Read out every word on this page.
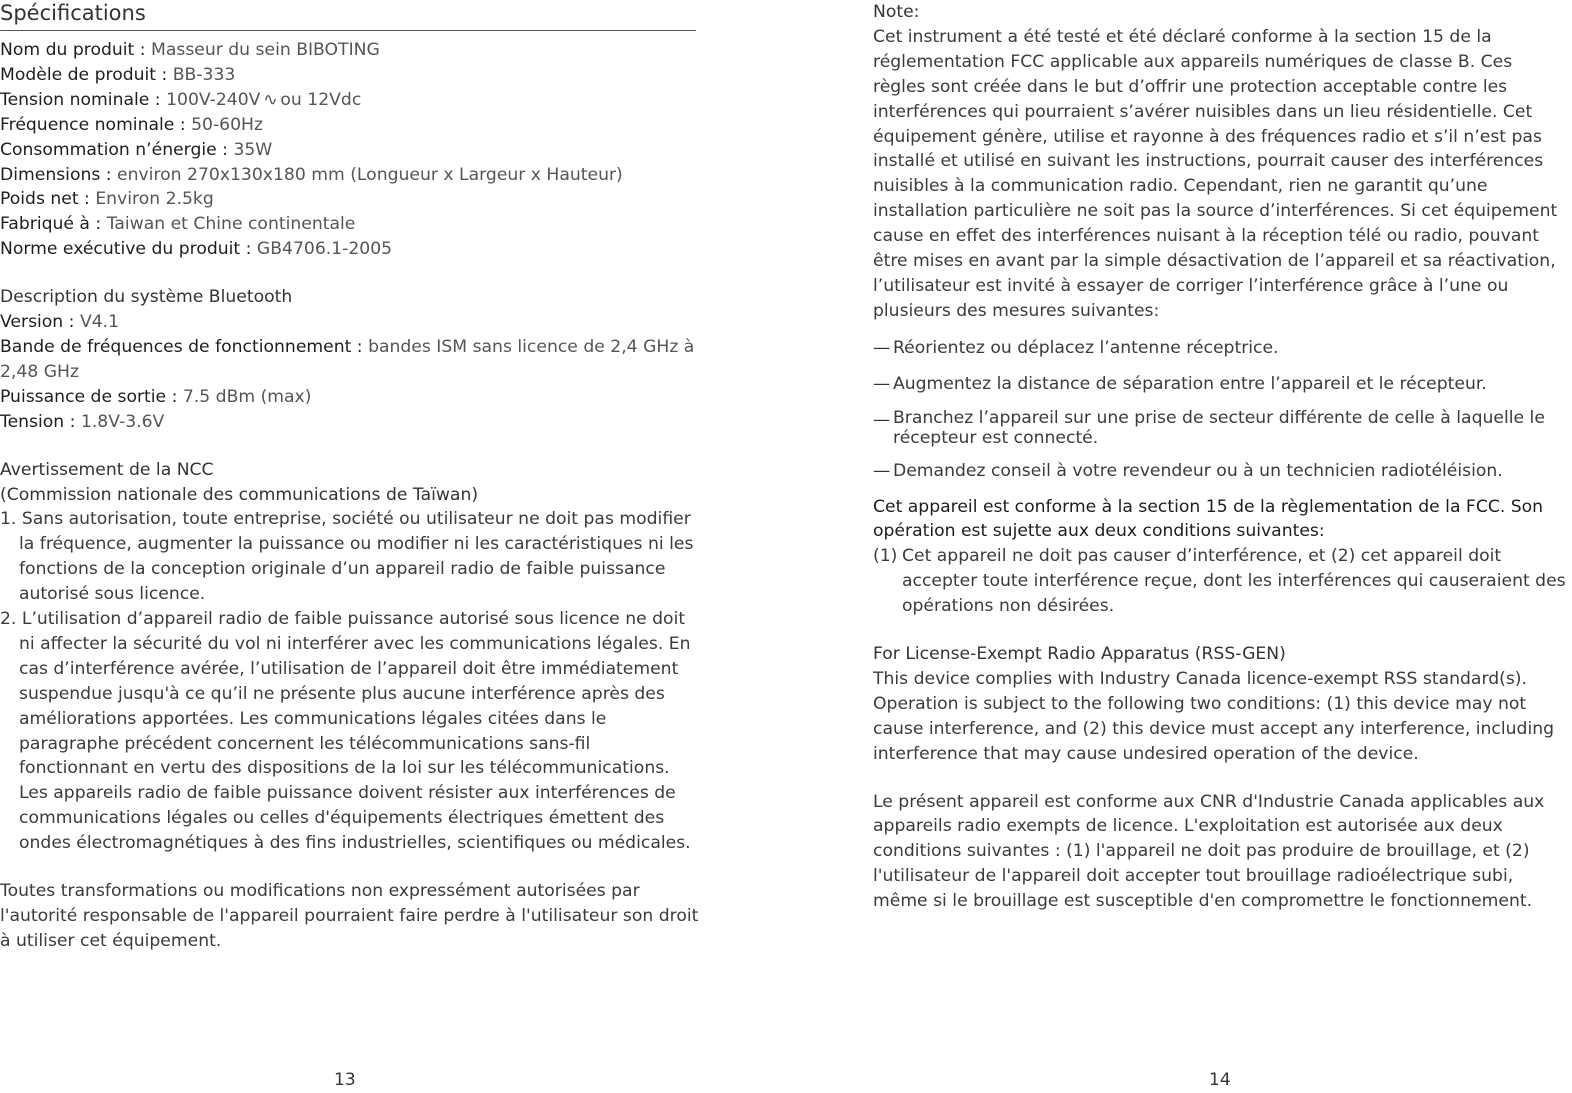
Spécifications
Nom du produit : Masseur du sein BIBOTING
Modèle de produit : BB-333
Tension nominale : 100V-240V ∿ ou 12Vdc
Fréquence nominale : 50-60Hz
Consommation n’énergie : 35W
Dimensions : environ 270x130x180 mm (Longueur x Largeur x Hauteur)
Poids net : Environ 2.5kg
Fabriqué à : Taiwan et Chine continentale
Norme exécutive du produit : GB4706.1-2005
Description du système Bluetooth
Version : V4.1
Bande de fréquences de fonctionnement : bandes ISM sans licence de 2,4 GHz à 2,48 GHz
Puissance de sortie : 7.5 dBm (max)
Tension : 1.8V-3.6V
Avertissement de la NCC
(Commission nationale des communications de Taïwan)
1. Sans autorisation, toute entreprise, société ou utilisateur ne doit pas modifier la fréquence, augmenter la puissance ou modifier ni les caractéristiques ni les fonctions de la conception originale d’un appareil radio de faible puissance autorisé sous licence.
2. L’utilisation d’appareil radio de faible puissance autorisé sous licence ne doit ni affecter la sécurité du vol ni interférer avec les communications légales. En cas d’interférence avérée, l’utilisation de l’appareil doit être immédiatement suspendue jusqu'à ce qu’il ne présente plus aucune interférence après des améliorations apportées. Les communications légales citées dans le paragraphe précédent concernent les télécommunications sans-fil fonctionnant en vertu des dispositions de la loi sur les télécommunications. Les appareils radio de faible puissance doivent résister aux interférences de communications légales ou celles d'équipements électriques émettent des ondes électromagnétiques à des fins industrielles, scientifiques ou médicales.
Toutes transformations ou modifications non expressément autorisées par l'autorité responsable de l'appareil pourraient faire perdre à l'utilisateur son droit à utiliser cet équipement.
13
Note:
Cet instrument a été testé et été déclaré conforme à la section 15 de la réglementation FCC applicable aux appareils numériques de classe B. Ces règles sont créée dans le but d’offrir une protection acceptable contre les interférences qui pourraient s’avérer nuisibles dans un lieu résidentielle. Cet équipement génère, utilise et rayonne à des fréquences radio et s’il n’est pas installé et utilisé en suivant les instructions, pourrait causer des interférences nuisibles à la communication radio. Cependant, rien ne garantit qu’une installation particulière ne soit pas la source d’interférences. Si cet équipement cause en effet des interférences nuisant à la réception télé ou radio, pouvant être mises en avant par la simple désactivation de l’appareil et sa réactivation, l’utilisateur est invité à essayer de corriger l’interférence grâce à l’une ou plusieurs des mesures suivantes:
— Réorientez ou déplacez l’antenne réceptrice.
— Augmentez la distance de séparation entre l’appareil et le récepteur.
— Branchez l’appareil sur une prise de secteur différente de celle à laquelle le récepteur est connecté.
— Demandez conseil à votre revendeur ou à un technicien radiotéléision.
Cet appareil est conforme à la section 15 de la règlementation de la FCC. Son opération est sujette aux deux conditions suivantes:
(1) Cet appareil ne doit pas causer d’interférence, et (2) cet appareil doit accepter toute interférence reçue, dont les interférences qui causeraient des opérations non désirées.
For License-Exempt Radio Apparatus (RSS-GEN)
This device complies with Industry Canada licence-exempt RSS standard(s). Operation is subject to the following two conditions: (1) this device may not cause interference, and (2) this device must accept any interference, including interference that may cause undesired operation of the device.
Le présent appareil est conforme aux CNR d'Industrie Canada applicables aux appareils radio exempts de licence. L'exploitation est autorisée aux deux conditions suivantes : (1) l'appareil ne doit pas produire de brouillage, et (2) l'utilisateur de l'appareil doit accepter tout brouillage radioélectrique subi, même si le brouillage est susceptible d'en compromettre le fonctionnement.
14
